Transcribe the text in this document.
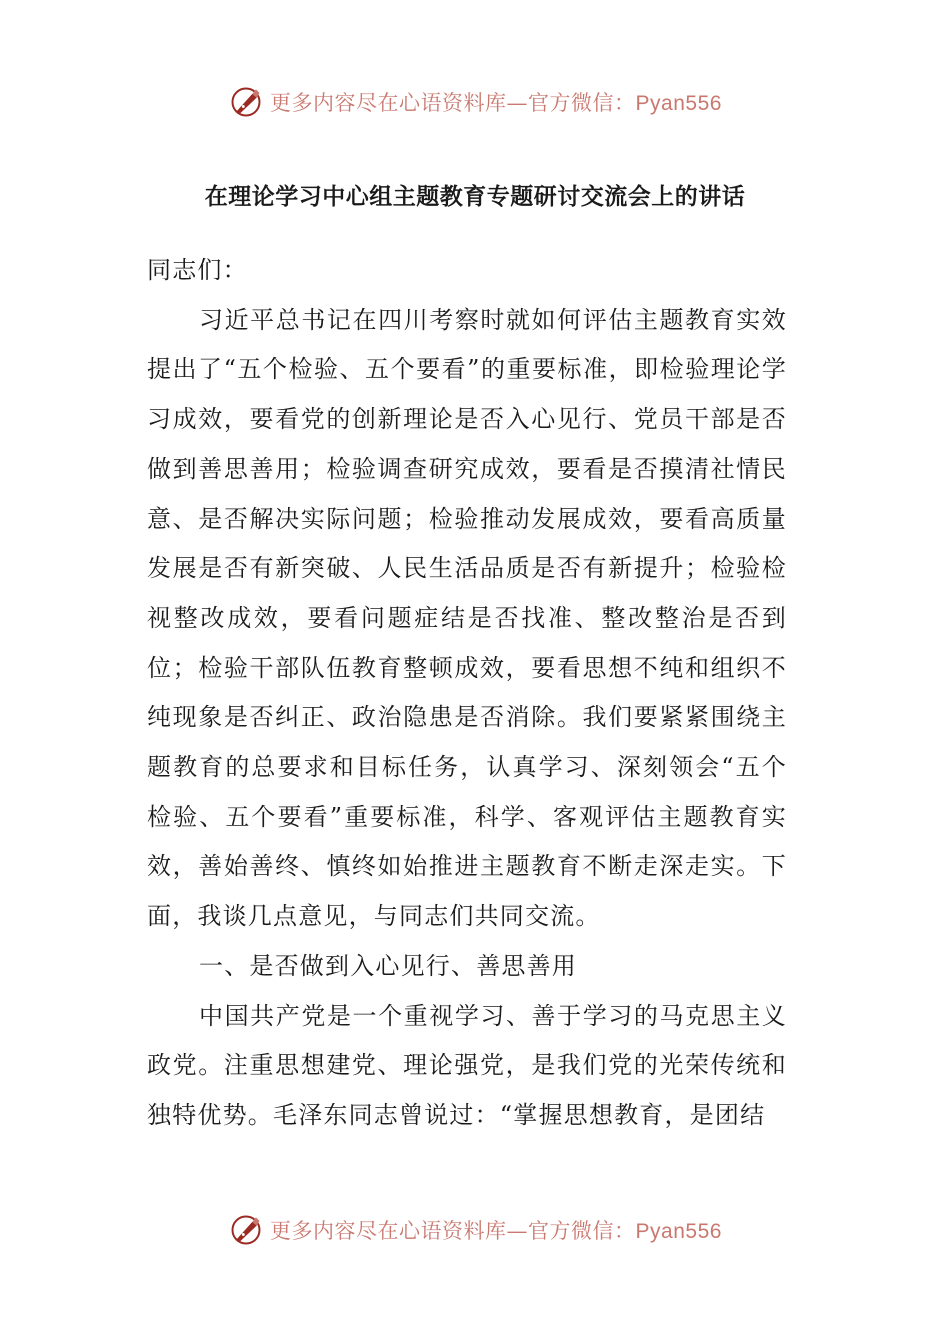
更多内容尽在心语资料库—官方微信：Pyan556
在理论学习中心组主题教育专题研讨交流会上的讲话

同志们：

习近平总书记在四川考察时就如何评估主题教育实效提出了“五个检验、五个要看”的重要标准，即检验理论学习成效，要看党的创新理论是否入心见行、党员干部是否做到善思善用；检验调查研究成效，要看是否摸清社情民意、是否解决实际问题；检验推动发展成效，要看高质量发展是否有新突破、人民生活品质是否有新提升；检验检视整改成效，要看问题症结是否找准、整改整治是否到位；检验干部队伍教育整顿成效，要看思想不纯和组织不纯现象是否纠正、政治隐患是否消除。我们要紧紧围绕主题教育的总要求和目标任务，认真学习、深刻领会“五个检验、五个要看”重要标准，科学、客观评估主题教育实效，善始善终、慎终如始推进主题教育不断走深走实。下面，我谈几点意见，与同志们共同交流。

一、是否做到入心见行、善思善用

中国共产党是一个重视学习、善于学习的马克思主义政党。注重思想建党、理论强党，是我们党的光荣传统和独特优势。毛泽东同志曾说过：“掌握思想教育，是团结

更多内容尽在心语资料库—官方微信：Pyan556
